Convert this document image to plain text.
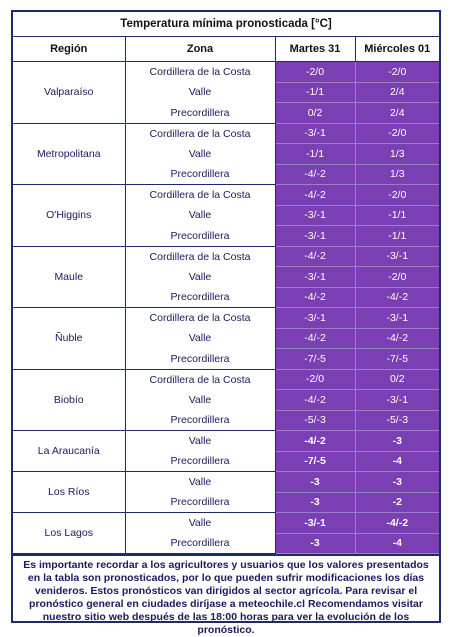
Temperatura mínima pronosticada [°C]
Región	Zona	Martes 31	Miércoles 01
Valparaíso	Cordillera de la Costa	-2/0	-2/0
	Valle	-1/1	2/4
	Precordillera	0/2	2/4
Metropolitana	Cordillera de la Costa	-3/-1	-2/0
	Valle	-1/1	1/3
	Precordillera	-4/-2	1/3
O'Higgins	Cordillera de la Costa	-4/-2	-2/0
	Valle	-3/-1	-1/1
	Precordillera	-3/-1	-1/1
Maule	Cordillera de la Costa	-4/-2	-3/-1
	Valle	-3/-1	-2/0
	Precordillera	-4/-2	-4/-2
Ñuble	Cordillera de la Costa	-3/-1	-3/-1
	Valle	-4/-2	-4/-2
	Precordillera	-7/-5	-7/-5
Biobío	Cordillera de la Costa	-2/0	0/2
	Valle	-4/-2	-3/-1
	Precordillera	-5/-3	-5/-3
La Araucanía	Valle	-4/-2	-3
	Precordillera	-7/-5	-4
Los Ríos	Valle	-3	-3
	Precordillera	-3	-2
Los Lagos	Valle	-3/-1	-4/-2
	Precordillera	-3	-4
Es importante recordar a los agricultores y usuarios que los valores presentados en la tabla son pronosticados, por lo que pueden sufrir modificaciones los días venideros. Estos pronósticos van dirigidos al sector agrícola. Para revisar el pronóstico general en ciudades diríjase a meteochile.cl Recomendamos visitar nuestro sitio web después de las 18:00 horas para ver la evolución de los pronóstico.
